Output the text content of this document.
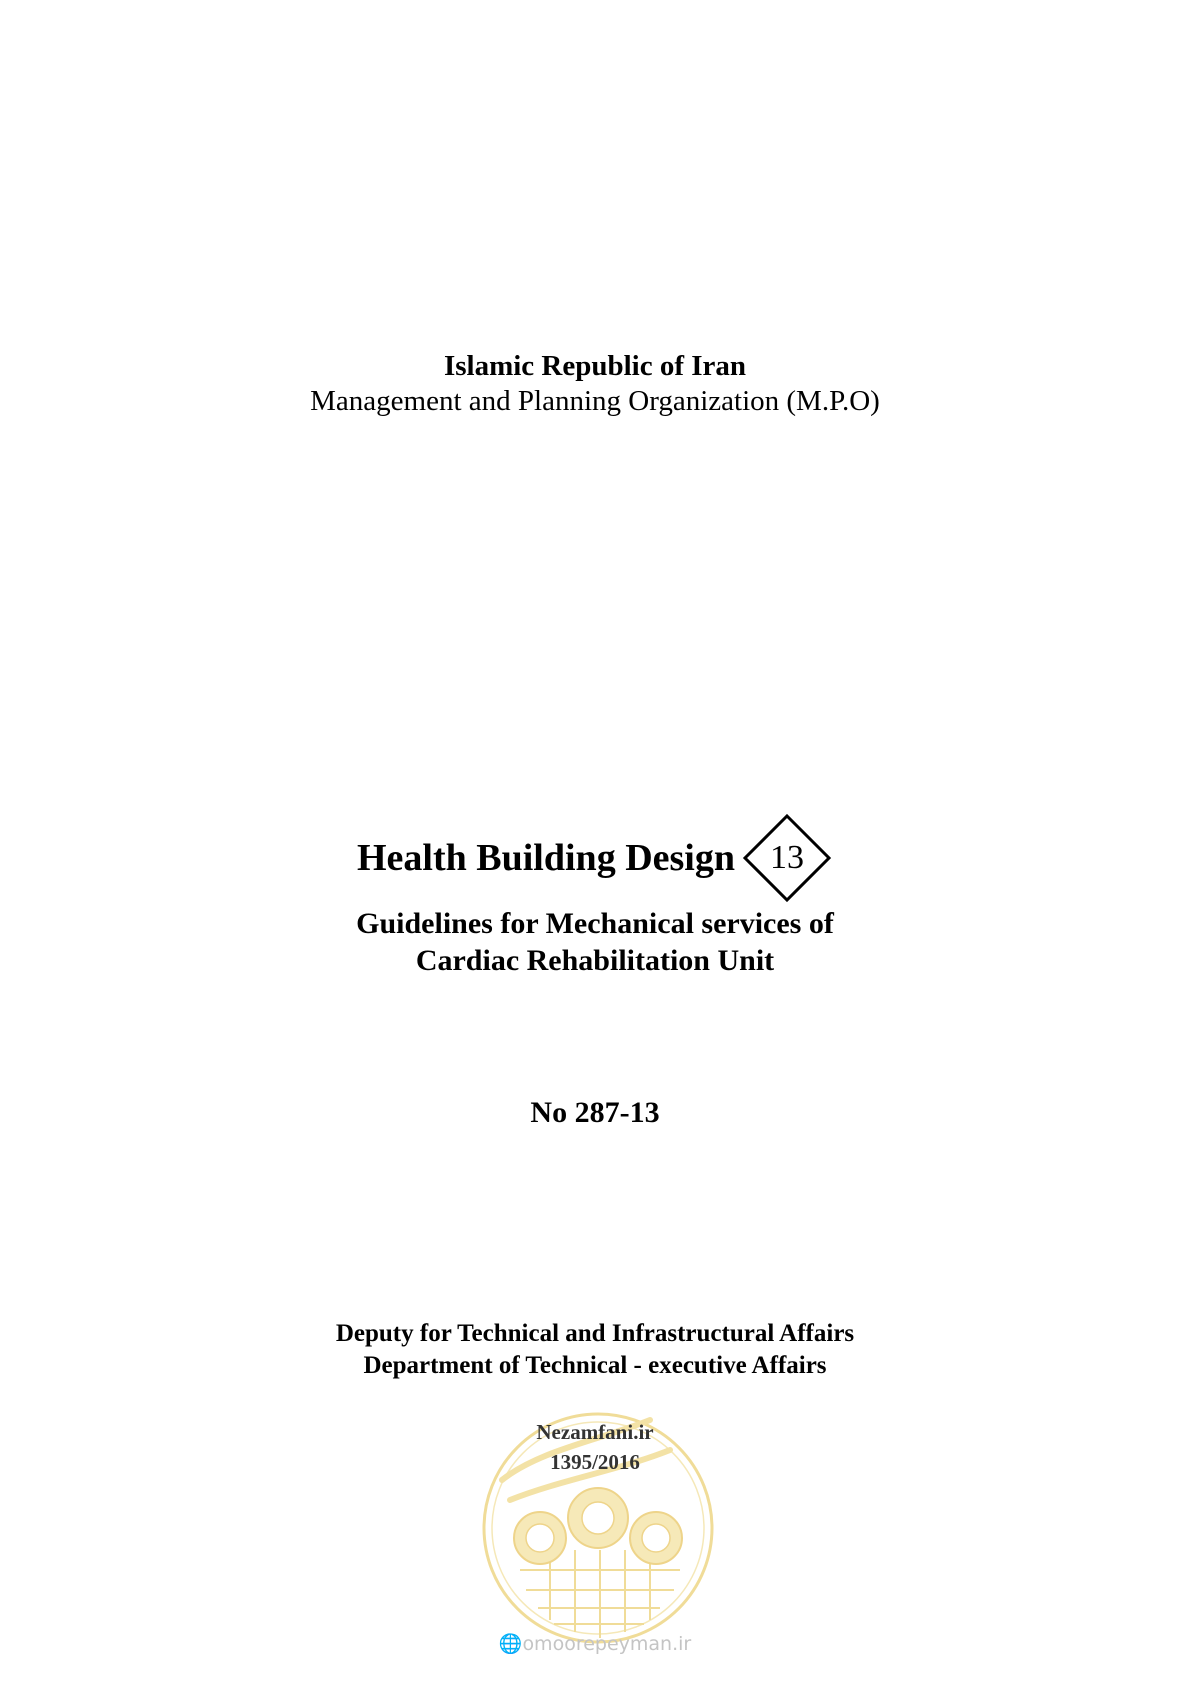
Islamic Republic of Iran
Management and Planning Organization (M.P.O)
Health Building Design	13
Guidelines for Mechanical services of
Cardiac Rehabilitation Unit
No 287-13
Deputy for Technical and Infrastructural Affairs
Department of Technical - executive Affairs
Nezamfani.ir
1395/2016
🌐omoorepeyman.ir
